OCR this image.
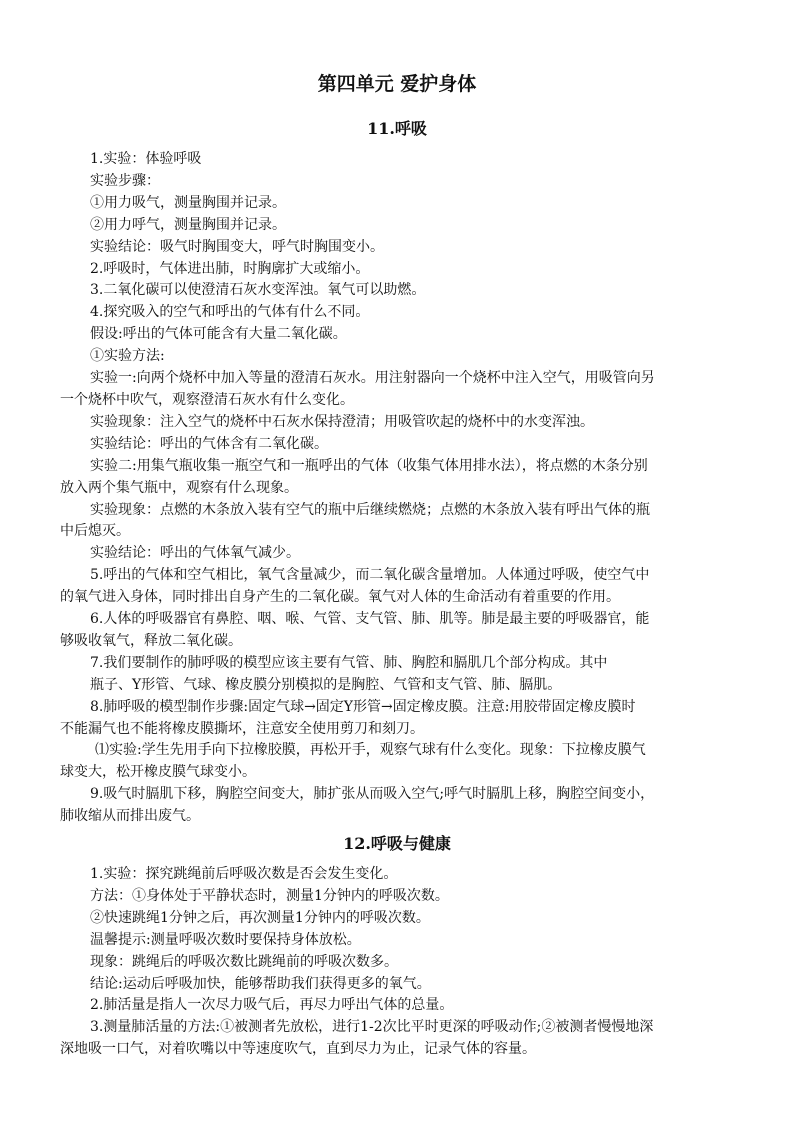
第四单元 爱护身体
11.呼吸
1.实验：体验呼吸
实验步骤：
①用力吸气，测量胸围并记录。
②用力呼气，测量胸围并记录。
实验结论：吸气时胸围变大，呼气时胸围变小。
2.呼吸时，气体进出肺，时胸廓扩大或缩小。
3.二氧化碳可以使澄清石灰水变浑浊。氧气可以助燃。
4.探究吸入的空气和呼出的气体有什么不同。
假设:呼出的气体可能含有大量二氧化碳。
①实验方法:
实验一:向两个烧杯中加入等量的澄清石灰水。用注射器向一个烧杯中注入空气，用吸管向另
一个烧杯中吹气，观察澄清石灰水有什么变化。
实验现象：注入空气的烧杯中石灰水保持澄清；用吸管吹起的烧杯中的水变浑浊。
实验结论：呼出的气体含有二氧化碳。
实验二:用集气瓶收集一瓶空气和一瓶呼出的气体（收集气体用排水法），将点燃的木条分别
放入两个集气瓶中，观察有什么现象。
实验现象：点燃的木条放入装有空气的瓶中后继续燃烧；点燃的木条放入装有呼出气体的瓶
中后熄灭。
实验结论：呼出的气体氧气减少。
5.呼出的气体和空气相比，氧气含量减少，而二氧化碳含量增加。人体通过呼吸，使空气中
的氧气进入身体，同时排出自身产生的二氧化碳。氧气对人体的生命活动有着重要的作用。
6.人体的呼吸器官有鼻腔、咽、喉、气管、支气管、肺、肌等。肺是最主要的呼吸器官，能
够吸收氧气，释放二氧化碳。
7.我们要制作的肺呼吸的模型应该主要有气管、肺、胸腔和膈肌几个部分构成。其中
瓶子、Y形管、气球、橡皮膜分别模拟的是胸腔、气管和支气管、肺、膈肌。
8.肺呼吸的模型制作步骤:固定气球→固定Y形管→固定橡皮膜。注意:用胶带固定橡皮膜时
不能漏气也不能将橡皮膜撕坏，注意安全使用剪刀和刻刀。
⑴实验:学生先用手向下拉橡胶膜，再松开手，观察气球有什么变化。现象：下拉橡皮膜气
球变大，松开橡皮膜气球变小。
9.吸气时膈肌下移，胸腔空间变大，肺扩张从而吸入空气;呼气时膈肌上移，胸腔空间变小，
肺收缩从而排出废气。
12.呼吸与健康
1.实验：探究跳绳前后呼吸次数是否会发生变化。
方法：①身体处于平静状态时，测量1分钟内的呼吸次数。
②快速跳绳1分钟之后，再次测量1分钟内的呼吸次数。
温馨提示:测量呼吸次数时要保持身体放松。
现象：跳绳后的呼吸次数比跳绳前的呼吸次数多。
结论:运动后呼吸加快，能够帮助我们获得更多的氧气。
2.肺活量是指人一次尽力吸气后，再尽力呼出气体的总量。
3.测量肺活量的方法:①被测者先放松，进行1-2次比平时更深的呼吸动作;②被测者慢慢地深
深地吸一口气，对着吹嘴以中等速度吹气，直到尽力为止，记录气体的容量。
